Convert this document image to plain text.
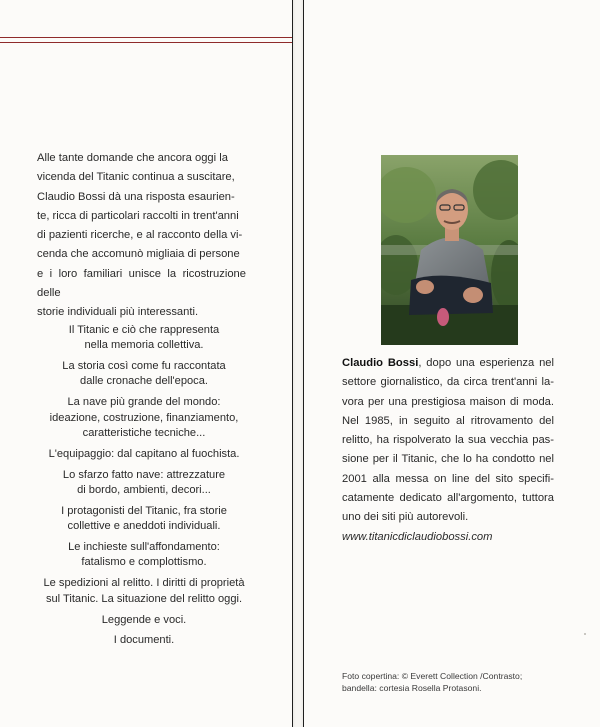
Alle tante domande che ancora oggi la

vicenda del Titanic continua a suscitare,

Claudio Bossi dà una risposta esaurien-

te, ricca di particolari raccolti in trent'anni

di pazienti ricerche, e al racconto della vi-

cenda che accomunò migliaia di persone

e i loro familiari unisce la ricostruzione delle

storie individuali più interessanti.

Il Titanic e ciò che rappresenta
nella memoria collettiva.
La storia così come fu raccontata
dalle cronache dell'epoca.
La nave più grande del mondo:
ideazione, costruzione, finanziamento,
caratteristiche tecniche...
L'equipaggio: dal capitano al fuochista.
Lo sfarzo fatto nave: attrezzature
di bordo, ambienti, decori...
I protagonisti del Titanic, fra storie
collettive e aneddoti individuali.
Le inchieste sull'affondamento:
fatalismo e complottismo.
Le spedizioni al relitto. I diritti di proprietà
sul Titanic. La situazione del relitto oggi.
Leggende e voci.
I documenti.
Claudio Bossi, dopo una esperienza nel settore giornalistico, da circa trent'anni la- vora per una prestigiosa maison di moda. Nel 1985, in seguito al ritrovamento del relitto, ha rispolverato la sua vecchia pas- sione per il Titanic, che lo ha condotto nel 2001 alla messa on line del sito specifi- catamente dedicato all'argomento, tuttora uno dei siti più autorevoli.
www.titanicdiclaudiobossi.com
Foto copertina: © Everett Collection /Contrasto;
bandella: cortesia Rosella Protasoni.
